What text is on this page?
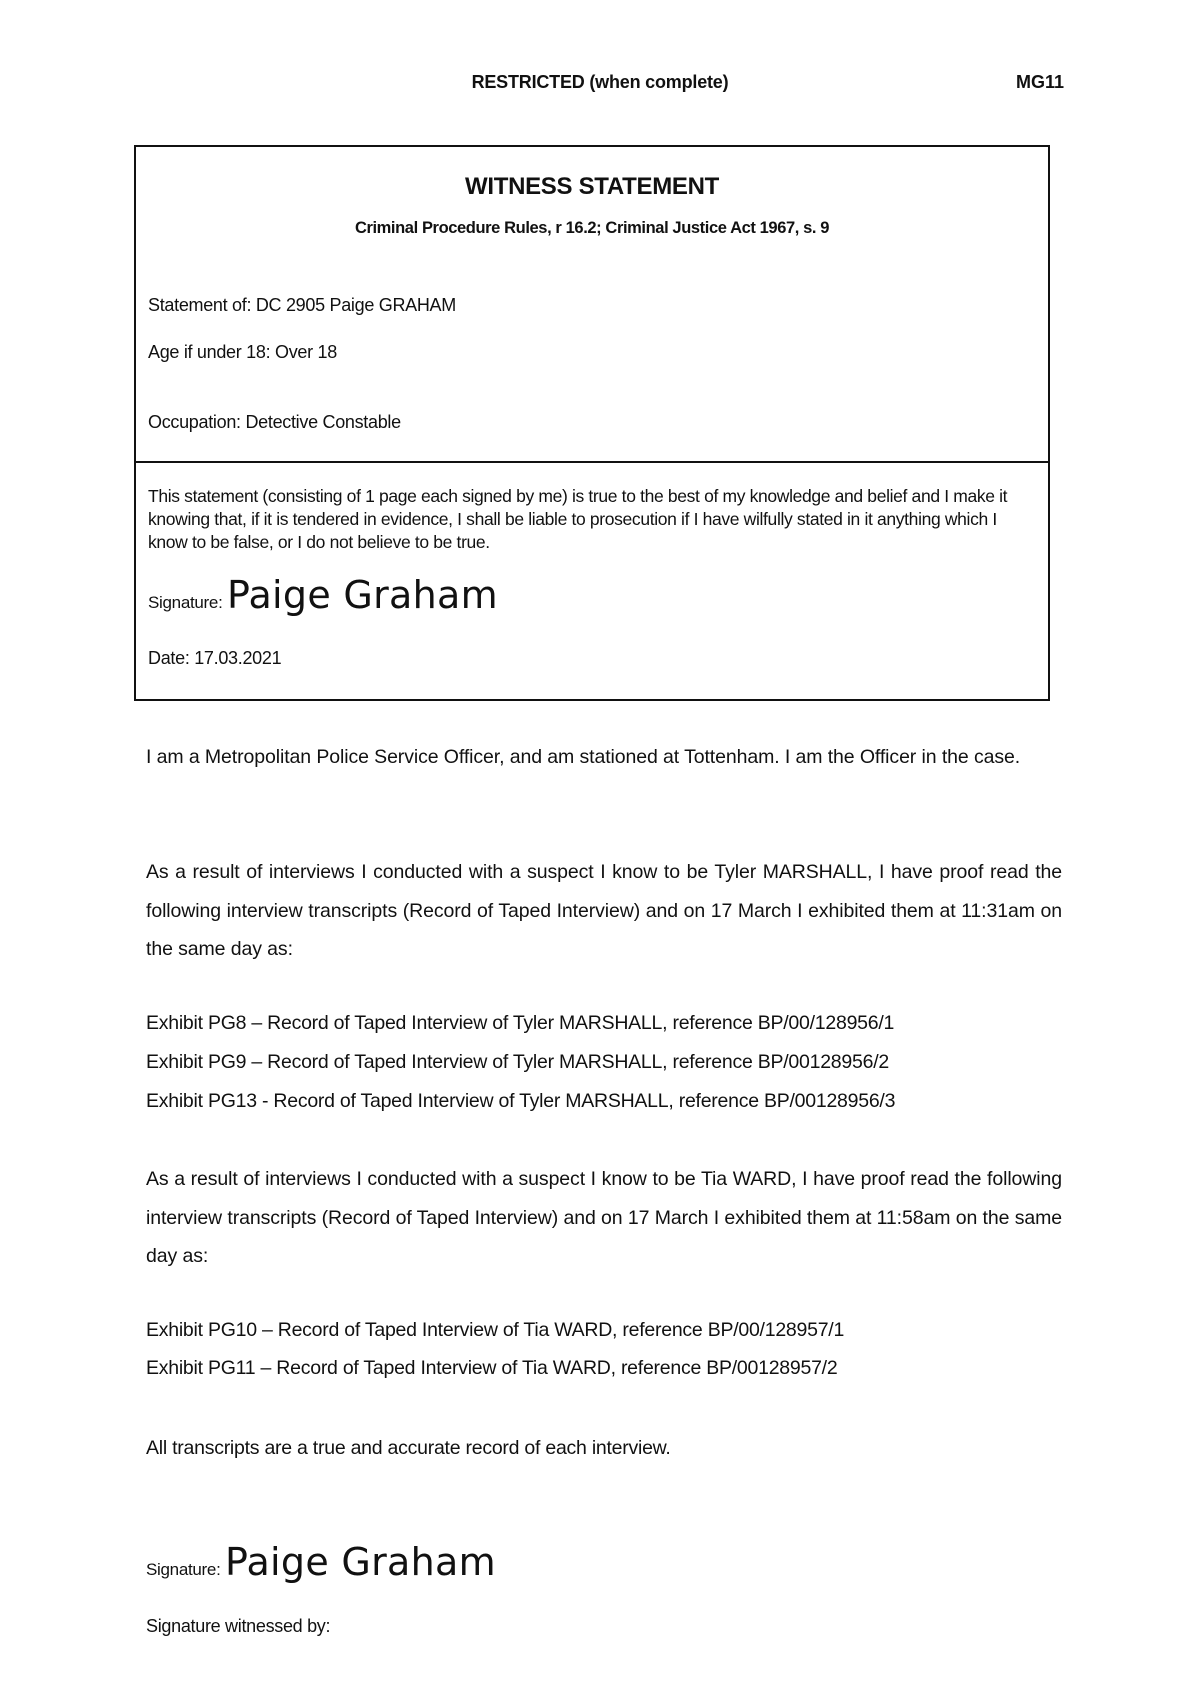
RESTRICTED (when complete)	MG11
WITNESS STATEMENT
Criminal Procedure Rules, r 16.2; Criminal Justice Act 1967, s. 9
Statement of: DC 2905 Paige GRAHAM
Age if under 18: Over 18
Occupation: Detective Constable
This statement (consisting of 1 page each signed by me) is true to the best of my knowledge and belief and I make it knowing that, if it is tendered in evidence, I shall be liable to prosecution if I have wilfully stated in it anything which I know to be false, or I do not believe to be true.
Signature: Paige Graham
Date: 17.03.2021
I am a Metropolitan Police Service Officer, and am stationed at Tottenham. I am the Officer in the case.
As a result of interviews I conducted with a suspect I know to be Tyler MARSHALL, I have proof read the following interview transcripts (Record of Taped Interview) and on 17 March I exhibited them at 11:31am on the same day as:
Exhibit PG8 – Record of Taped Interview of Tyler MARSHALL, reference BP/00/128956/1
Exhibit PG9 – Record of Taped Interview of Tyler MARSHALL, reference BP/00128956/2
Exhibit PG13 - Record of Taped Interview of Tyler MARSHALL, reference BP/00128956/3
As a result of interviews I conducted with a suspect I know to be Tia WARD, I have proof read the following interview transcripts (Record of Taped Interview) and on 17 March I exhibited them at 11:58am on the same day as:
Exhibit PG10 – Record of Taped Interview of Tia WARD, reference BP/00/128957/1
Exhibit PG11 – Record of Taped Interview of Tia WARD, reference BP/00128957/2
All transcripts are a true and accurate record of each interview.
Signature: Paige Graham
Signature witnessed by:
